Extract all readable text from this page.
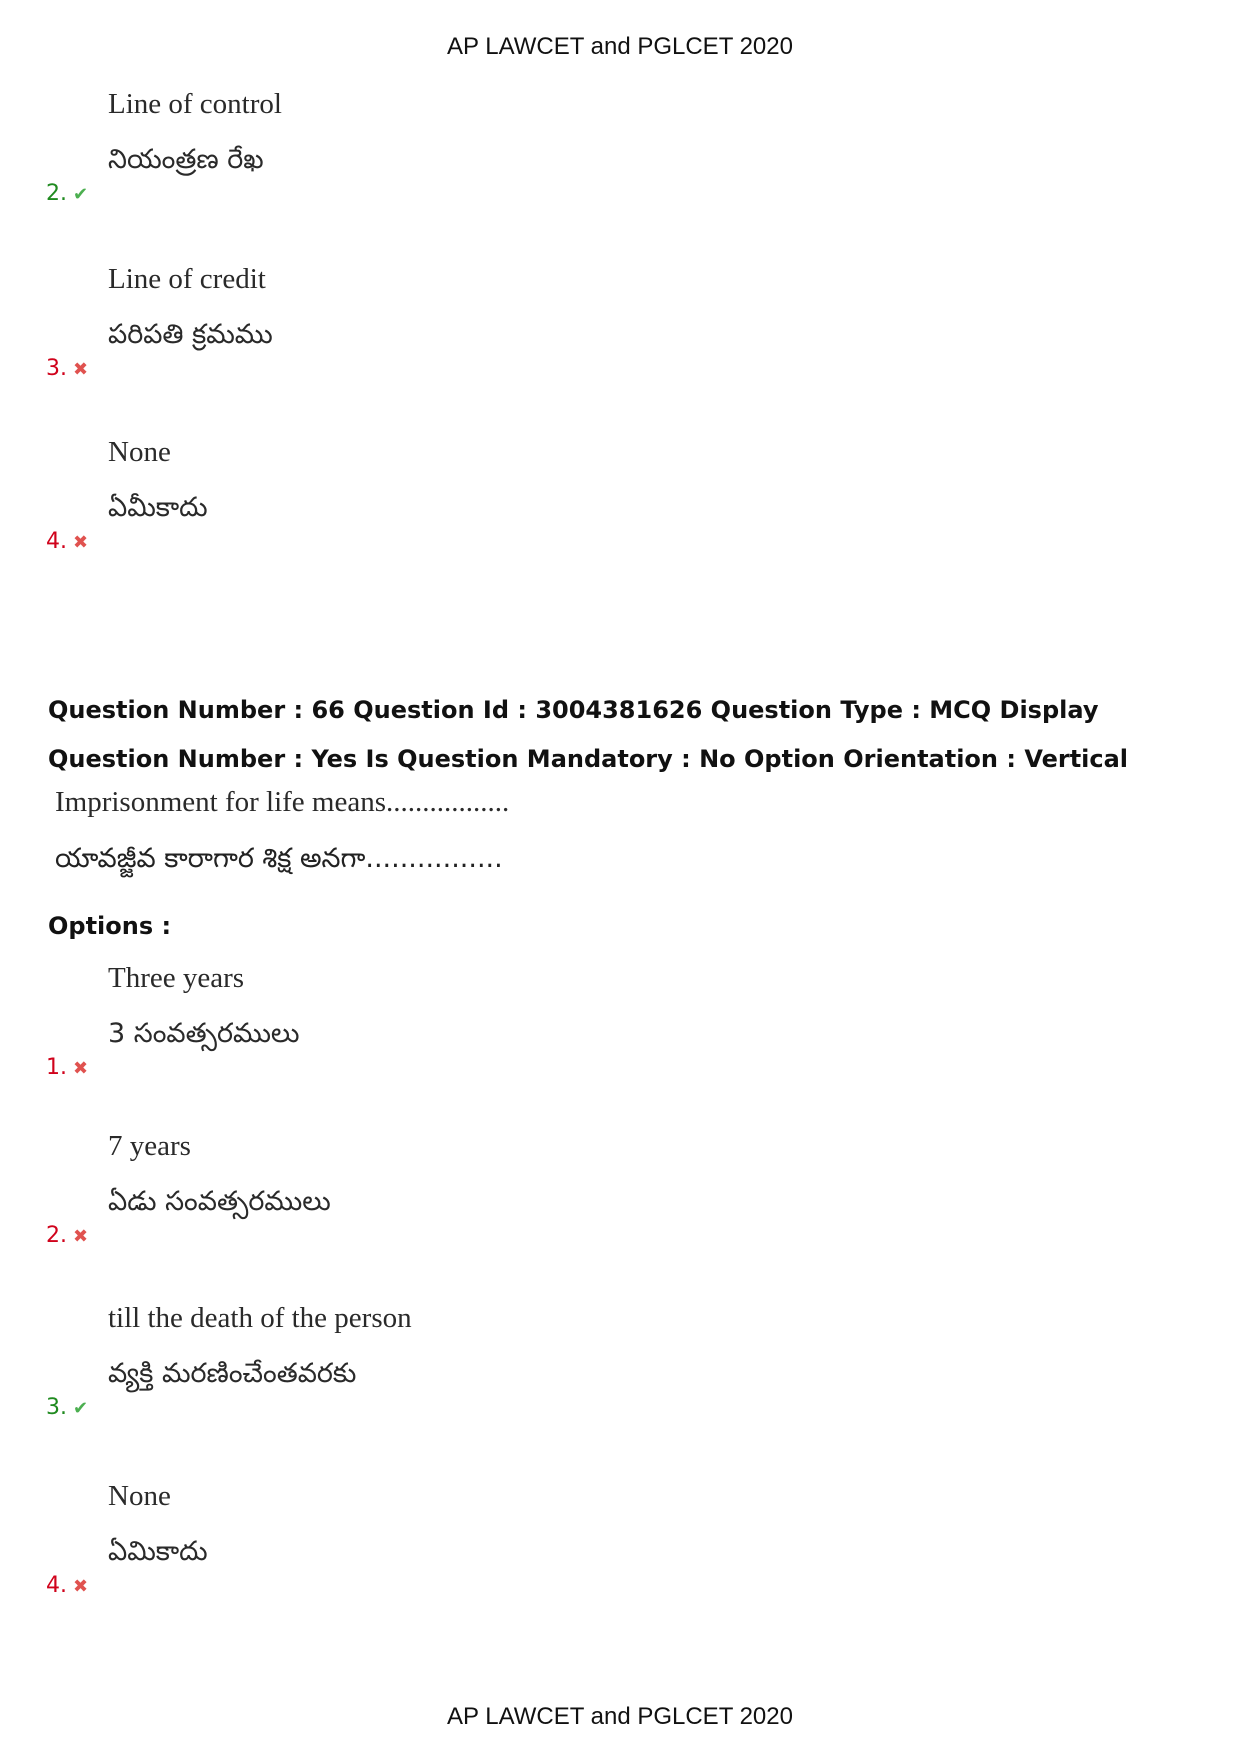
AP LAWCET and PGLCET 2020
Line of control
నియంత్రణ రేఖ
2. ✔
Line of credit
పరిపతి క్రమము
3. ✖
None
ఏమీకాదు
4. ✖
Question Number : 66 Question Id : 3004381626 Question Type : MCQ Display Question Number : Yes Is Question Mandatory : No Option Orientation : Vertical
Imprisonment for life means.................
యావజ్జీవ కారాగార శిక్ష అనగా................
Options :
Three years
3 సంవత్సరములు
1. ✖
7 years
ఏడు సంవత్సరములు
2. ✖
till the death of the person
వ్యక్తి మరణించేంతవరకు
3. ✔
None
ఏమికాదు
4. ✖
AP LAWCET and PGLCET 2020
